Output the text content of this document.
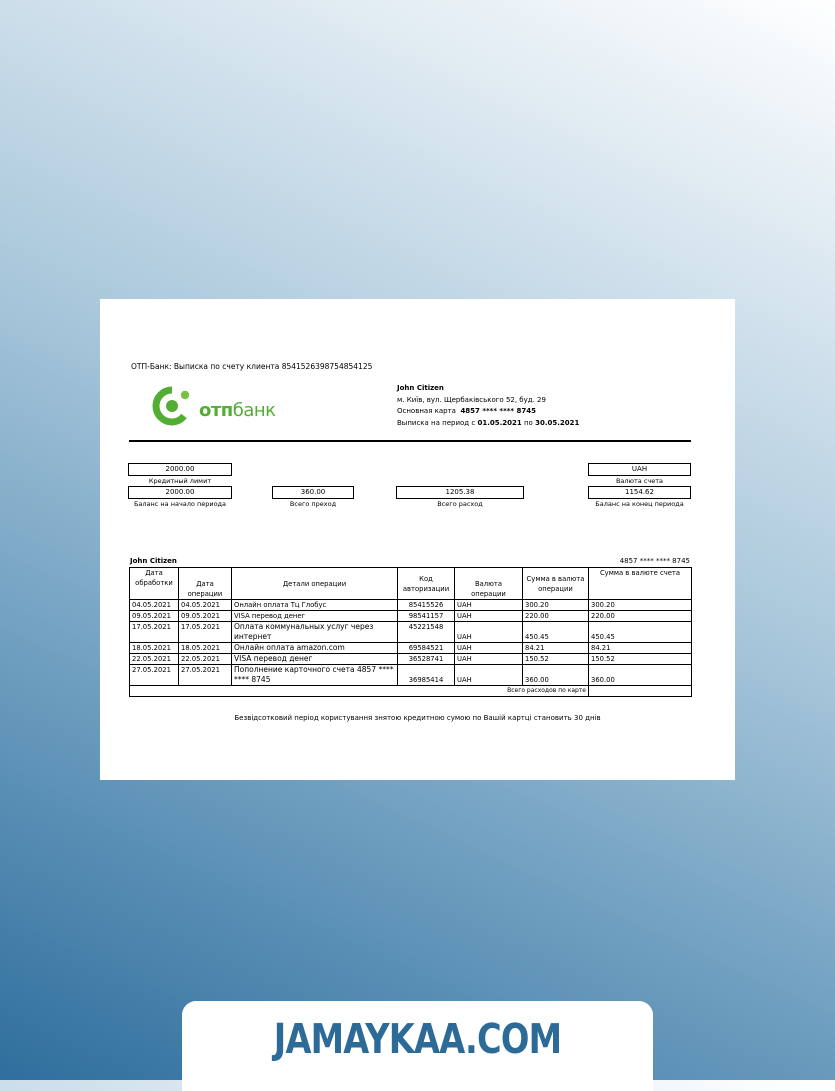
ОТП-Банк: Выписка по счету клиента 8541526398754854125
отпбанк
John Citizen
м. Київ, вул. Щербаківського 52, буд. 29
Основная карта 4857 **** **** 8745
Выписка на период с 01.05.2021 по 30.05.2021
2000.00
Кредитный лимит
UAH
Валюта счета
2000.00
Баланс на начало периода
360.00
Всего преход
1205.38
Всего расход
1154.62
Баланс на конец периода
John Citizen	4857 **** **** 8745
Дата обработки	Дата операции	Детали операции	Код авторизации	Валюта операции	Сумма в валюта операции	Сумма в валюте счета
04.05.2021	04.05.2021	Онлайн оплата Тц Глобус	85415526	UAH	300.20	300.20
09.05.2021	09.05.2021	VISA перевод денег	98541157	UAH	220.00	220.00
17.05.2021	17.05.2021	Оплата коммунальных услуг через интернет	45221548	UAH	450.45	450.45
18.05.2021	18.05.2021	Онлайн оплата amazon.com	69584521	UAH	84.21	84.21
22.05.2021	22.05.2021	VISA перевод денег	36528741	UAH	150.52	150.52
27.05.2021	27.05.2021	Пополнение карточного счета 4857 **** **** 8745	36985414	UAH	360.00	360.00
Всего расходов по карте						
Безвідсотковий період користування знятою кредитною сумою по Вашій картці становить 30 днів
JAMAYKAA.COM
